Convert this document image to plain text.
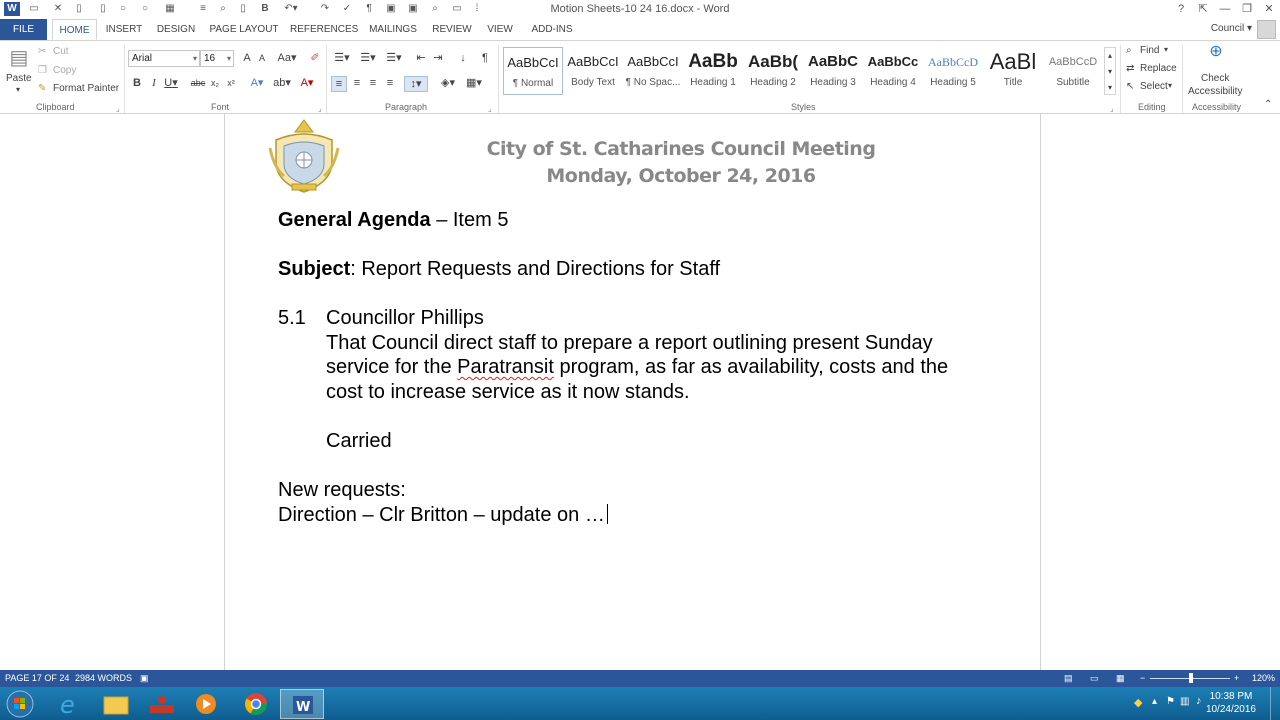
W	▭	✕	▯	▯	○	○	▦	≡	⌕	▯	B	↶▾	↷ ✓	¶	▣ ▣	⌕	▭	⁞	Motion Sheets-10 24 16.docx - Word	?	⇱	—	❐	✕
FILE	HOME	INSERT	DESIGN PAGE LAYOUT REFERENCES	MAILINGS	REVIEW	VIEW	ADD-INS	Council ▾
▤
Paste
▾
✂ Cut
❐ Copy
✎ Format Painter
Clipboard	⌟
Arial	▾ 16 ▾	A A	Aa▾ ✐
B	I U▾ abc x₂ x² A▾ ab▾ A▾
Font	⌟
☰▾ ☰▾ ☰▾ ⇤ ⇥	↓	¶
≡	≡ ≡ ≡	↕▾	◈▾ ▦▾
Paragraph	⌟
AaBbCcI
¶ Normal
AaBbCcI
Body Text
AaBbCcI
¶ No Spac...
AaBb
Heading 1
AaBb(
Heading 2
AaBbC
Heading 3
AaBbCc
Heading 4
AaBbCcD
Heading 5
AaBl
Title
AaBbCcD
Subtitle
▴
▾
▾
Styles	⌟
⌕ Find ▾
⇄ Replace
↖ Select ▾
Editing
⊕
Check
Accessibility
Accessibility ⌃
City of St. Catharines Council Meeting
Monday, October 24, 2016
General Agenda – Item 5
Subject: Report Requests and Directions for Staff
5.1 Councillor Phillips
That Council direct staff to prepare a report outlining present Sunday
service for the Paratransit program, as far as availability, costs and the
cost to increase service as it now stands.
Carried
New requests:
Direction – Clr Britton – update on …
PAGE 17 OF 24 2984 WORDS ▣	▤ ▭ ▦ −	+ 120%
e	W	◆ ▴ ⚑ ▥ ♪ 10:38 PM
10/24/2016
